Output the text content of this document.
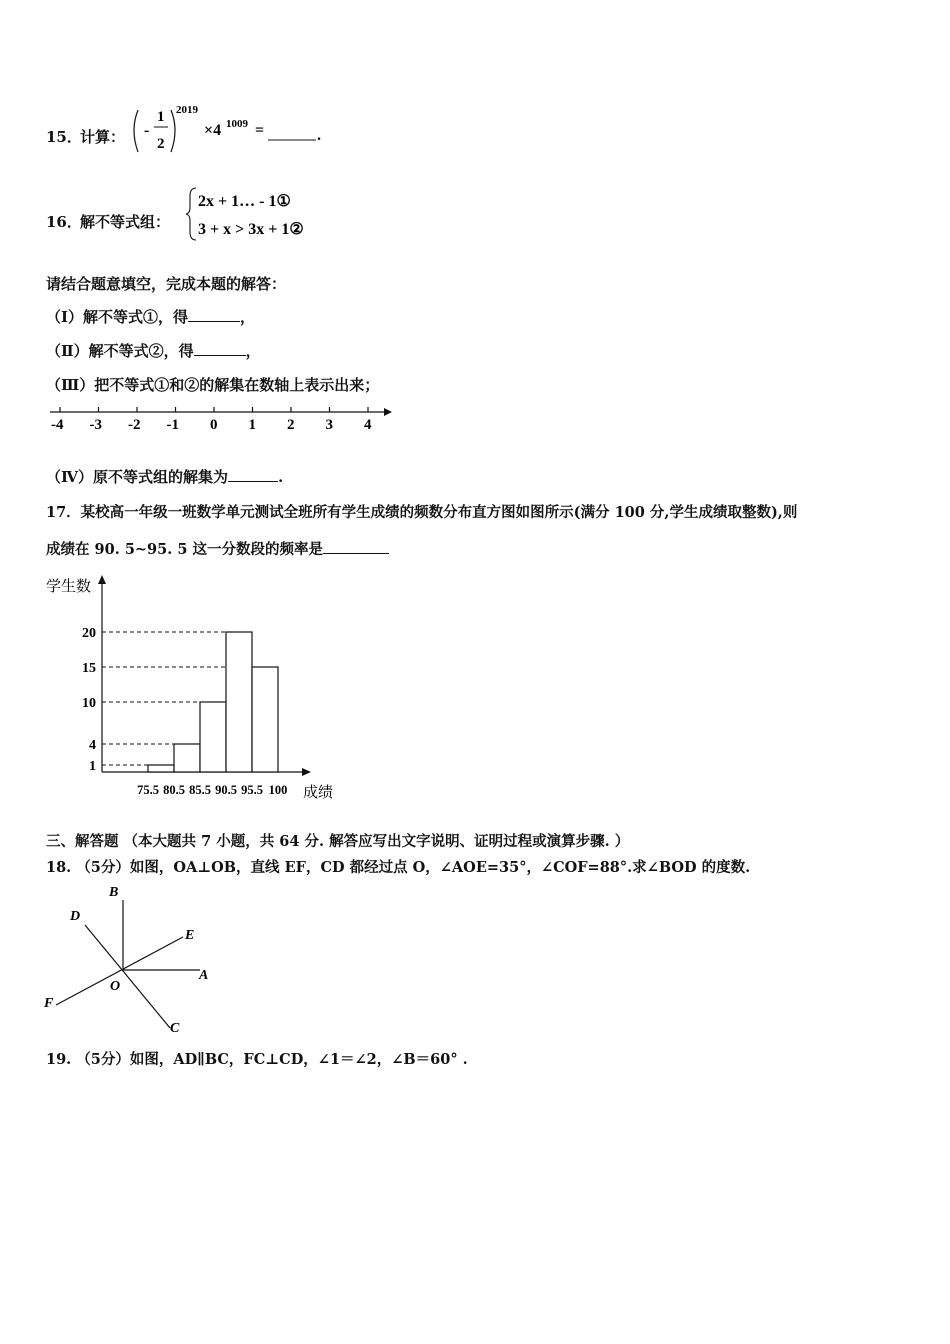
15．
计算： -
1
2
2019
×4 1009 =	.
16．
解不等式组：
2x + 1… - 1①
3 + x > 3x + 1②
请结合题意填空，完成本题的解答：
（Ⅰ）解不等式①，得	，
（Ⅱ）解不等式②，得	，
（Ⅲ）把不等式①和②的解集在数轴上表示出来；
-4 -3 -2 -1 0 1 2 3 4
（Ⅳ）原不等式组的解集为	.
17．某校高一年级一班数学单元测试全班所有学生成绩的频数分布直方图如图所示(满分 100 分,学生成绩取整数),则
成绩在 90. 5~95. 5 这一分数段的频率是
学生数
成绩
1
4
10
15
20
75.5 80.5 85.5 90.5 95.5 100
三、解答题 （本大题共 7 小题，共 64 分. 解答应写出文字说明、证明过程或演算步骤. ）
18. （5分）如图，OA⊥OB，直线 EF，CD 都经过点 O，∠AOE=35°，∠COF=88°.求∠BOD 的度数.
B
D
E
A
O
F
C
19. （5分）如图，AD∥BC，FC⊥CD，∠1＝∠2，∠B＝60° .
